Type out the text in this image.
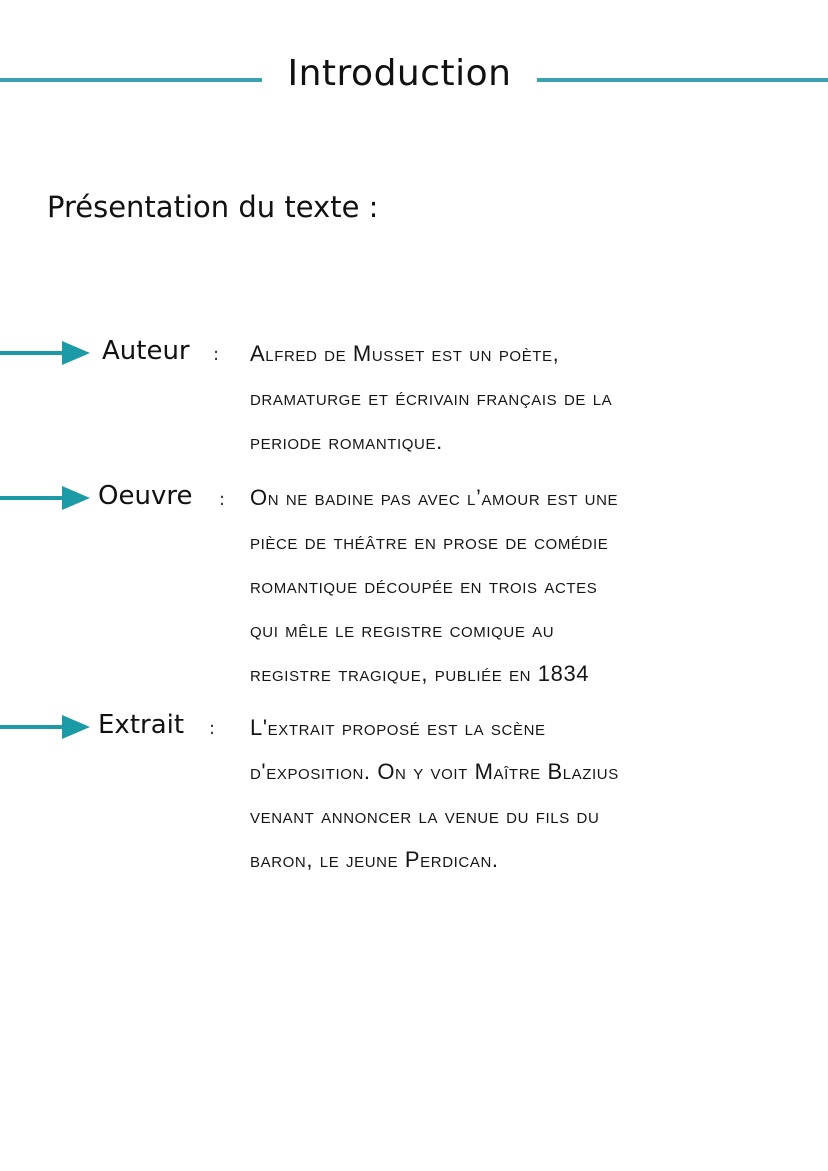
Introduction
Présentation du texte :
Auteur : Alfred de Musset est un poète,
dramaturge et écrivain français de la
periode romantique.
Oeuvre : On ne badine pas avec l’amour est une
pièce de théâtre en prose de comédie
romantique découpée en trois actes
qui mêle le registre comique au
registre tragique, publiée en 1834
Extrait : L'extrait proposé est la scène
d'exposition. On y voit Maître Blazius
venant annoncer la venue du fils du
baron, le jeune Perdican.
